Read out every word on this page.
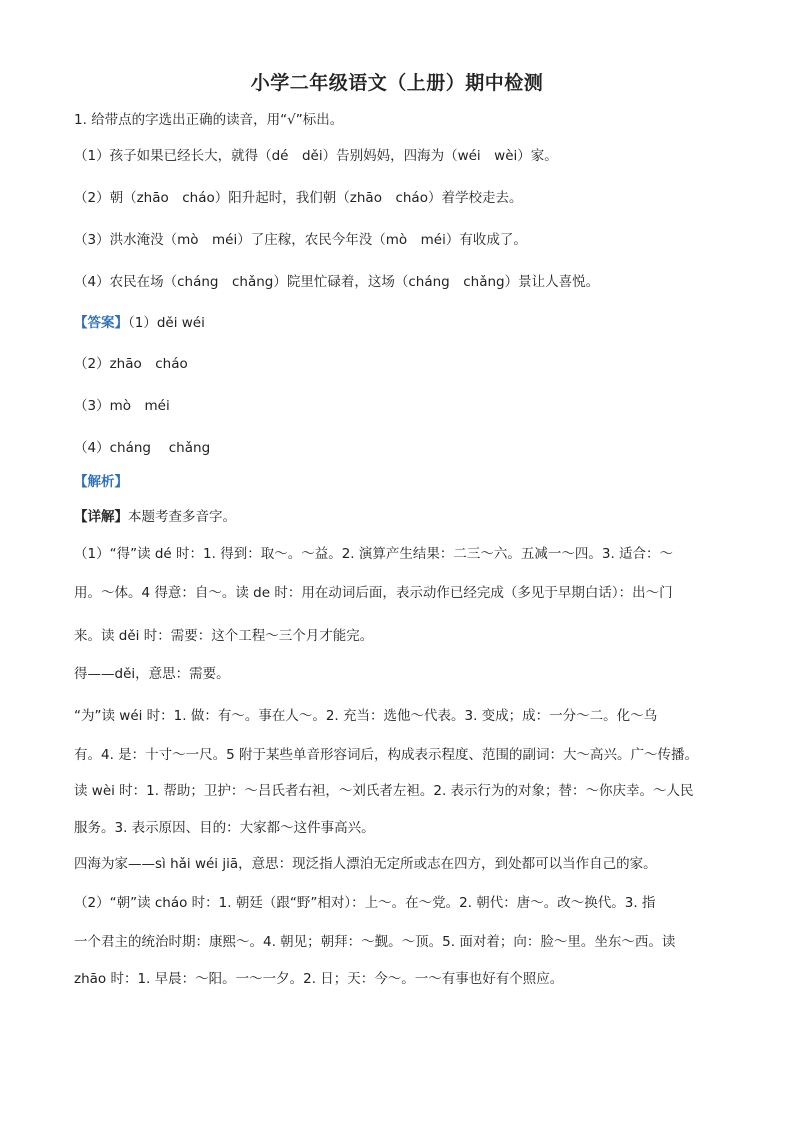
小学二年级语文（上册）期中检测
1. 给带点的字选出正确的读音，用“√”标出。
（1）孩子如果已经长大，就得（dé　děi）告别妈妈，四海为（wéi　wèi）家。
（2）朝（zhāo　cháo）阳升起时，我们朝（zhāo　cháo）着学校走去。
（3）洪水淹没（mò　méi）了庄稼，农民今年没（mò　méi）有收成了。
（4）农民在场（cháng　chǎng）院里忙碌着，这场（cháng　chǎng）景让人喜悦。
【答案】（1）děi wéi
（2）zhāo　cháo
（3）mò　méi
（4）cháng　 chǎng
【解析】
【详解】本题考查多音字。
（1）“得”读 dé 时：1. 得到：取～。～益。2. 演算产生结果：二三～六。五减一～四。3. 适合：～
用。～体。4 得意：自～。读 de 时：用在动词后面，表示动作已经完成（多见于早期白话）：出～门
来。读 děi 时：需要：这个工程～三个月才能完。
得——děi，意思：需要。
“为”读 wéi 时：1. 做：有～。事在人～。2. 充当：选他～代表。3. 变成；成：一分～二。化～乌
有。4. 是：十寸～一尺。5 附于某些单音形容词后，构成表示程度、范围的副词：大～高兴。广～传播。
读 wèi 时：1. 帮助；卫护：～吕氏者右袒，～刘氏者左袒。2. 表示行为的对象；替：～你庆幸。～人民
服务。3. 表示原因、目的：大家都～这件事高兴。
四海为家——sì hǎi wéi jiā，意思：现泛指人漂泊无定所或志在四方，到处都可以当作自己的家。
（2）“朝”读 cháo 时：1. 朝廷（跟“野”相对）：上～。在～党。2. 朝代：唐～。改～换代。3. 指
一个君主的统治时期：康熙～。4. 朝见；朝拜：～觐。～顶。5. 面对着；向：脸～里。坐东～西。读
zhāo 时：1. 早晨：～阳。一～一夕。2. 日；天：今～。一～有事也好有个照应。
